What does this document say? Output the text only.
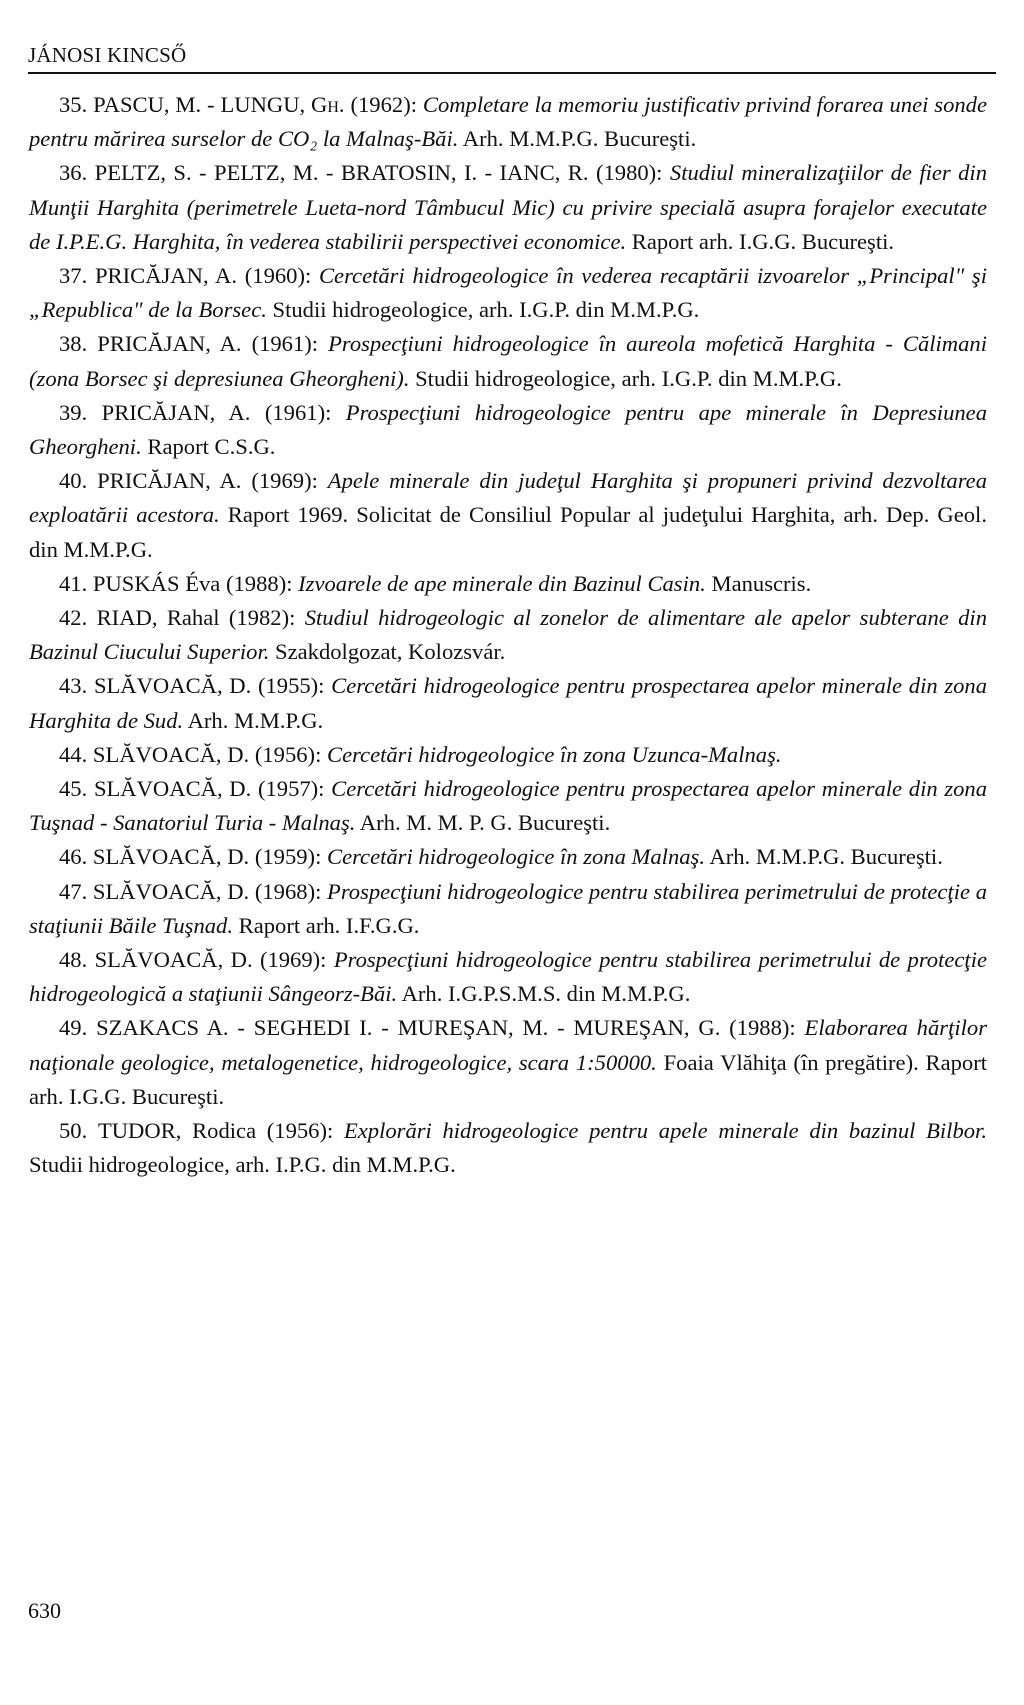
JÁNOSI KINCSŐ

35. PASCU, M. - LUNGU, Gh. (1962): Completare la memoriu justificativ privind forarea unei sonde pentru mărirea surselor de CO₂ la Malnaş-Băi. Arh. M.M.P.G. Bucureşti.

36. PELTZ, S. - PELTZ, M. - BRATOSIN, I. - IANC, R. (1980): Studiul mineralizaţiilor de fier din Munţii Harghita (perimetrele Lueta-nord Tâmbucul Mic) cu privire specială asupra forajelor executate de I.P.E.G. Harghita, în vederea stabilirii perspectivei economice. Raport arh. I.G.G. Bucureşti.

37. PRICĂJAN, A. (1960): Cercetări hidrogeologice în vederea recaptării izvoarelor „Principal" şi „Republica" de la Borsec. Studii hidrogeologice, arh. I.G.P. din M.M.P.G.

38. PRICĂJAN, A. (1961): Prospecţiuni hidrogeologice în aureola mofetică Harghita - Călimani (zona Borsec şi depresiunea Gheorgheni). Studii hidrogeologice, arh. I.G.P. din M.M.P.G.

39. PRICĂJAN, A. (1961): Prospecţiuni hidrogeologice pentru ape minerale în Depresiunea Gheorgheni. Raport C.S.G.

40. PRICĂJAN, A. (1969): Apele minerale din judeţul Harghita şi propuneri privind dezvoltarea exploatării acestora. Raport 1969. Solicitat de Consiliul Popular al judeţului Harghita, arh. Dep. Geol. din M.M.P.G.

41. PUSKÁS Éva (1988): Izvoarele de ape minerale din Bazinul Casin. Manuscris.

42. RIAD, Rahal (1982): Studiul hidrogeologic al zonelor de alimentare ale apelor subterane din Bazinul Ciucului Superior. Szakdolgozat, Kolozsvár.

43. SLĂVOACĂ, D. (1955): Cercetări hidrogeologice pentru prospectarea apelor minerale din zona Harghita de Sud. Arh. M.M.P.G.

44. SLĂVOACĂ, D. (1956): Cercetări hidrogeologice în zona Uzunca-Malnaş.

45. SLĂVOACĂ, D. (1957): Cercetări hidrogeologice pentru prospectarea apelor minerale din zona Tuşnad - Sanatoriul Turia - Malnaş. Arh. M. M. P. G. Bucureşti.

46. SLĂVOACĂ, D. (1959): Cercetări hidrogeologice în zona Malnaş. Arh. M.M.P.G. Bucureşti.

47. SLĂVOACĂ, D. (1968): Prospecţiuni hidrogeologice pentru stabilirea perimetrului de protecţie a staţiunii Băile Tuşnad. Raport arh. I.F.G.G.

48. SLĂVOACĂ, D. (1969): Prospecţiuni hidrogeologice pentru stabilirea perimetrului de protecţie hidrogeologică a staţiunii Sângeorz-Băi. Arh. I.G.P.S.M.S. din M.M.P.G.

49. SZAKACS A. - SEGHEDI I. - MUREŞAN, M. - MUREŞAN, G. (1988): Elaborarea hărţilor naţionale geologice, metalogenetice, hidrogeologice, scara 1:50000. Foaia Vlăhiţa (în pregătire). Raport arh. I.G.G. Bucureşti.

50. TUDOR, Rodica (1956): Explorări hidrogeologice pentru apele minerale din bazinul Bilbor. Studii hidrogeologice, arh. I.P.G. din M.M.P.G.

630
